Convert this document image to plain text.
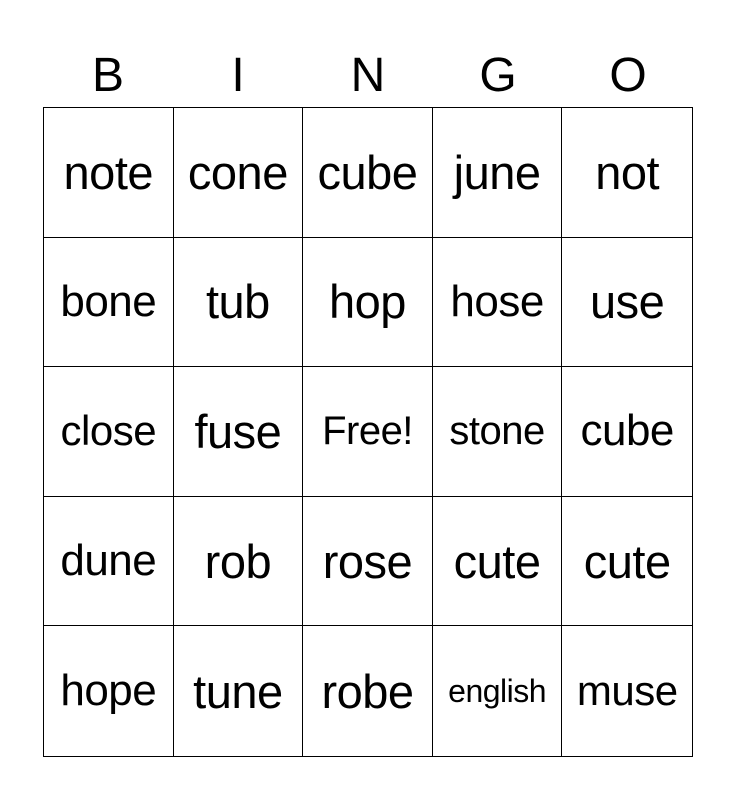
B	I	N	G	O
note cone cube june not
bone tub hop hose use
close fuse Free! stone cube
dune rob rose cute cute
hope tune robe english muse
